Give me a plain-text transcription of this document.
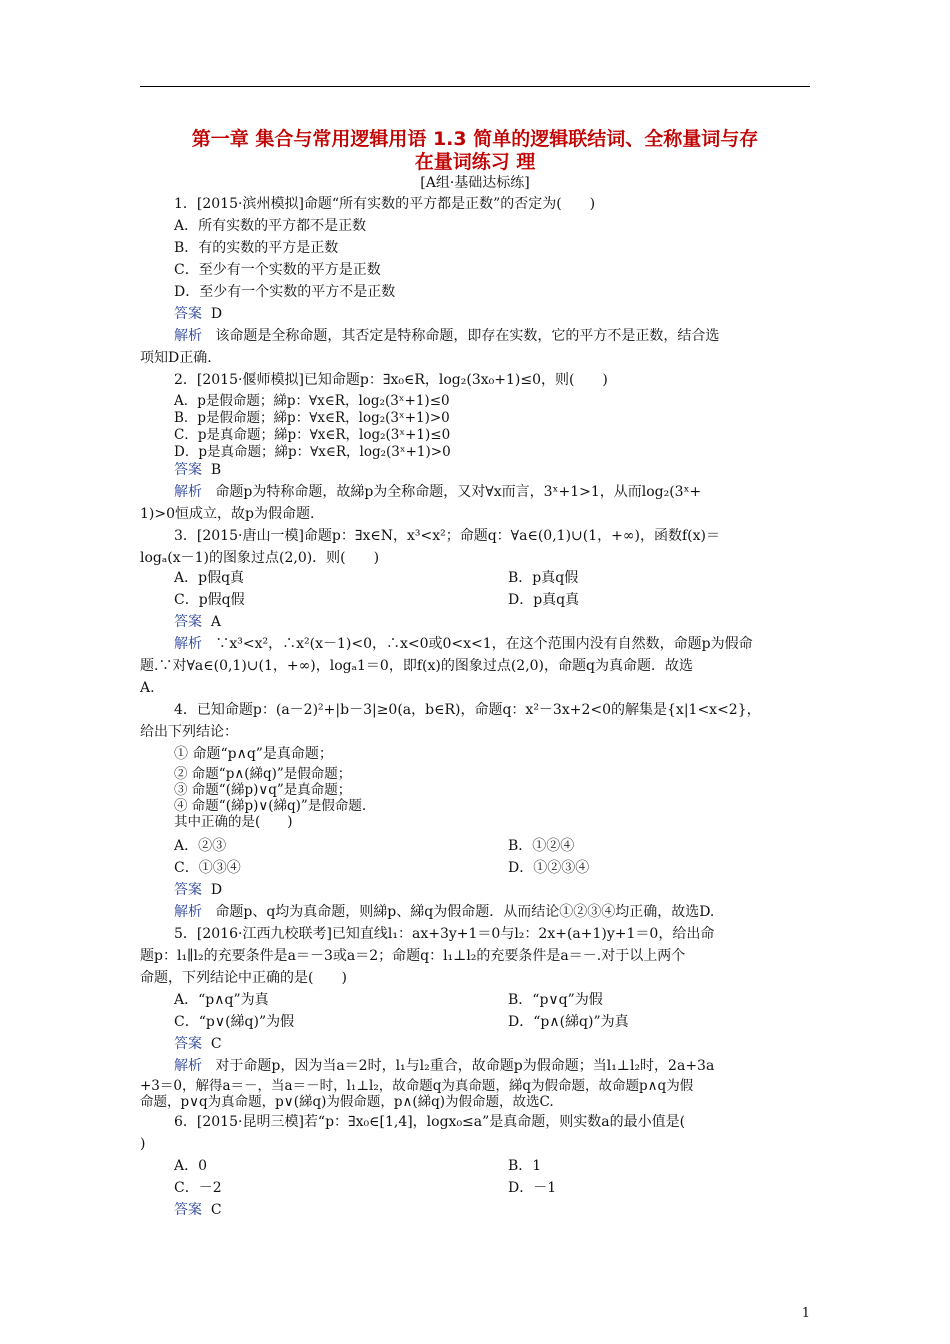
第一章 集合与常用逻辑用语 1.3 简单的逻辑联结词、全称量词与存
在量词练习 理
[A组·基础达标练]
1．[2015·滨州模拟]命题“所有实数的平方都是正数”的否定为(　　)
A．所有实数的平方都不是正数
B．有的实数的平方是正数
C．至少有一个实数的平方是正数
D．至少有一个实数的平方不是正数
答案 D
解析 该命题是全称命题，其否定是特称命题，即存在实数，它的平方不是正数，结合选
项知D正确.
2．[2015·偃师模拟]已知命题p：∃x₀∈R，log₂(3x₀+1)≤0，则(　　)
A．p是假命题；綈p：∀x∈R，log₂(3ˣ+1)≤0
B．p是假命题；綈p：∀x∈R，log₂(3ˣ+1)>0
C．p是真命题；綈p：∀x∈R，log₂(3ˣ+1)≤0
D．p是真命题；綈p：∀x∈R，log₂(3ˣ+1)>0
答案 B
解析 命题p为特称命题，故綈p为全称命题，又对∀x而言，3ˣ+1>1，从而log₂(3ˣ+
1)>0恒成立，故p为假命题.
3．[2015·唐山一模]命题p：∃x∈N，x³<x²；命题q：∀a∈(0,1)∪(1，+∞)，函数f(x)＝
logₐ(x－1)的图象过点(2,0)．则(　　)
A．p假q真	B．p真q假
C．p假q假	D．p真q真
答案 A
解析 ∵x³<x²，∴x²(x－1)<0，∴x<0或0<x<1，在这个范围内没有自然数，命题p为假命
题.∵对∀a∈(0,1)∪(1，+∞)，logₐ1＝0，即f(x)的图象过点(2,0)，命题q为真命题．故选
A.
4．已知命题p：(a－2)²+|b－3|≥0(a，b∈R)，命题q：x²－3x+2<0的解集是{x|1<x<2}，
给出下列结论：
① 命题“p∧q”是真命题；
② 命题“p∧(綈q)”是假命题；
③ 命题“(綈p)∨q”是真命题；
④ 命题“(綈p)∨(綈q)”是假命题.
其中正确的是(　　)
A．②③	B．①②④
C．①③④	D．①②③④
答案 D
解析 命题p、q均为真命题，则綈p、綈q为假命题．从而结论①②③④均正确，故选D.
5．[2016·江西九校联考]已知直线l₁：ax+3y+1＝0与l₂：2x+(a+1)y+1＝0，给出命
题p：l₁∥l₂的充要条件是a＝－3或a＝2；命题q：l₁⊥l₂的充要条件是a＝－.对于以上两个
命题，下列结论中正确的是(　　)
A．“p∧q”为真	B．“p∨q”为假
C．“p∨(綈q)”为假	D．“p∧(綈q)”为真
答案 C
解析 对于命题p，因为当a＝2时，l₁与l₂重合，故命题p为假命题；当l₁⊥l₂时，2a+3a
+3＝0，解得a＝－，当a＝－时，l₁⊥l₂，故命题q为真命题，綈q为假命题，故命题p∧q为假
命题，p∨q为真命题，p∨(綈q)为假命题，p∧(綈q)为假命题，故选C.
6．[2015·昆明三模]若“p：∃x₀∈[1,4]，logx₀≤a”是真命题，则实数a的最小值是(
)
A．0	B．1
C．－2	D．－1
答案 C
1
